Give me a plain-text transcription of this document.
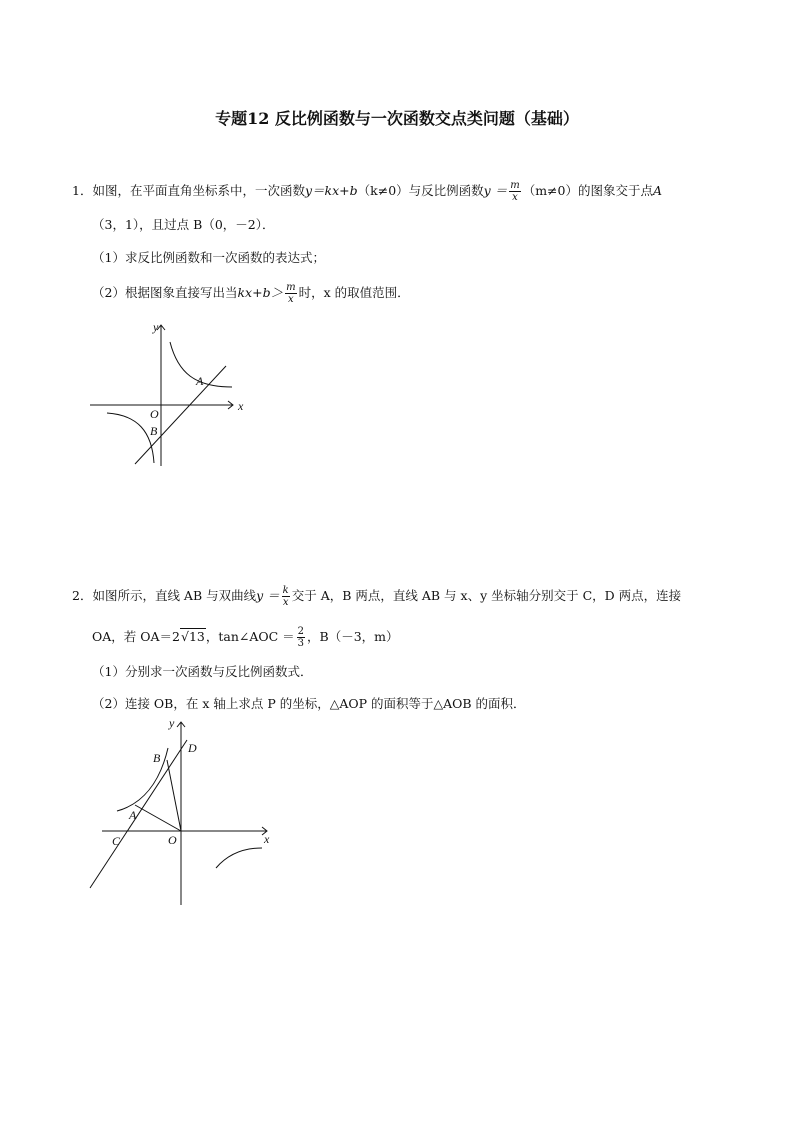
专题12 反比例函数与一次函数交点类问题（基础）
1．如图，在平面直角坐标系中，一次函数y＝kx+b（k≠0）与反比例函数$y = \frac{m}{x} (m\ne 0)$的图象交于点A
（3，1），且过点 B（0，－2）．
（1）求反比例函数和一次函数的表达式；
（2）根据图象直接写出当$kx+b> \frac{m}{x}$ 时，x 的取值范围．
y
x
O
A
B
2．如图所示，直线 AB 与双曲线$y = \frac{k}{x}$ 交于 A，B 两点，直线 AB 与 x、y 坐标轴分别交于 C，D 两点，连接
OA，若 OA＝2√13，tan∠AOC ＝ $\frac{2}{3}$ ，B（－3，m）
（1）分别求一次函数与反比例函数式．
（2）连接 OB，在 x 轴上求点 P 的坐标，△AOP 的面积等于△AOB 的面积．
y
D
B
A
C	O	x
